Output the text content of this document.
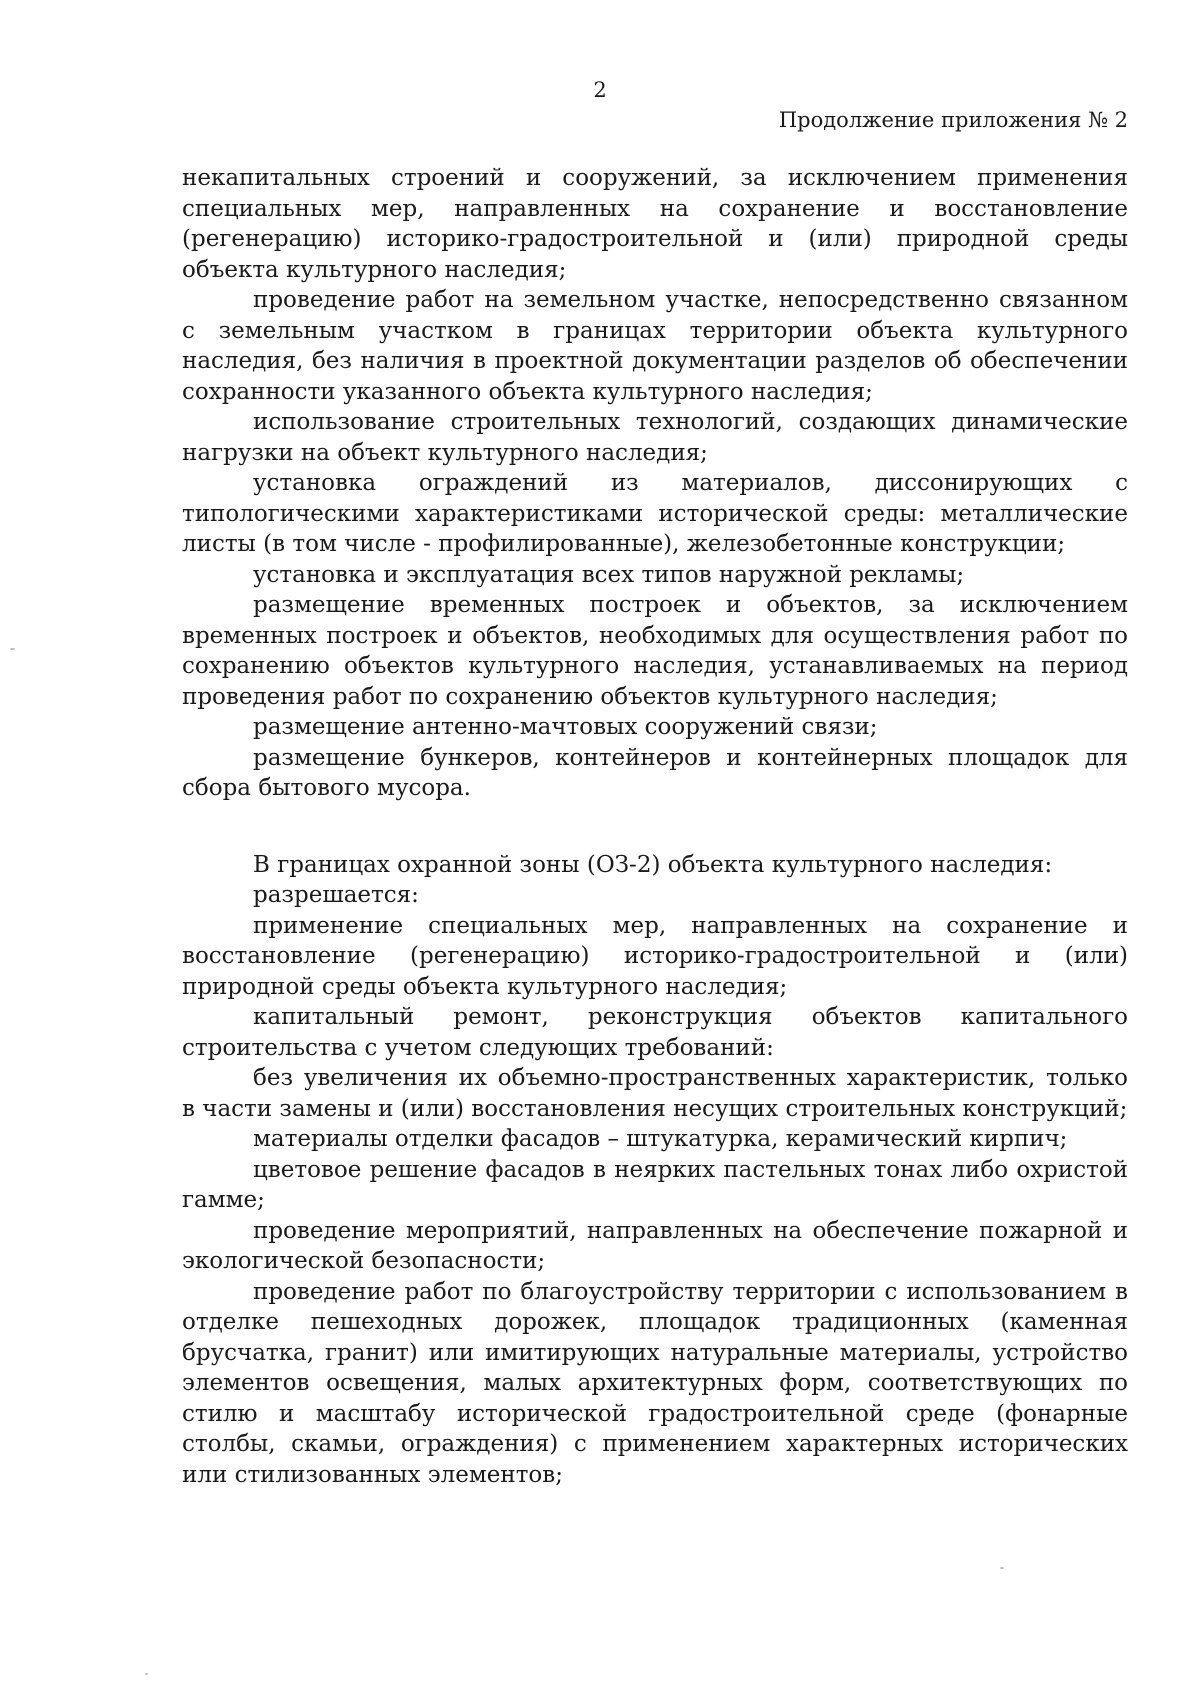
2

Продолжение приложения № 2

некапитальных строений и сооружений, за исключением применения специальных мер, направленных на сохранение и восстановление (регенерацию) историко-градостроительной и (или) природной среды объекта культурного наследия;

проведение работ на земельном участке, непосредственно связанном с земельным участком в границах территории объекта культурного наследия, без наличия в проектной документации разделов об обеспечении сохранности указанного объекта культурного наследия;

использование строительных технологий, создающих динамические нагрузки на объект культурного наследия;

установка ограждений из материалов, диссонирующих с типологическими характеристиками исторической среды: металлические листы (в том числе - профилированные), железобетонные конструкции;

установка и эксплуатация всех типов наружной рекламы;

размещение временных построек и объектов, за исключением временных построек и объектов, необходимых для осуществления работ по сохранению объектов культурного наследия, устанавливаемых на период проведения работ по сохранению объектов культурного наследия;

размещение антенно-мачтовых сооружений связи;

размещение бункеров, контейнеров и контейнерных площадок для сбора бытового мусора.

В границах охранной зоны (ОЗ-2) объекта культурного наследия:

разрешается:

применение специальных мер, направленных на сохранение и восстановление (регенерацию) историко-градостроительной и (или) природной среды объекта культурного наследия;

капитальный ремонт, реконструкция объектов капитального строительства с учетом следующих требований:

без увеличения их объемно-пространственных характеристик, только в части замены и (или) восстановления несущих строительных конструкций;

материалы отделки фасадов – штукатурка, керамический кирпич;

цветовое решение фасадов в неярких пастельных тонах либо охристой гамме;

проведение мероприятий, направленных на обеспечение пожарной и экологической безопасности;

проведение работ по благоустройству территории с использованием в отделке пешеходных дорожек, площадок традиционных (каменная брусчатка, гранит) или имитирующих натуральные материалы, устройство элементов освещения, малых архитектурных форм, соответствующих по стилю и масштабу исторической градостроительной среде (фонарные столбы, скамьи, ограждения) с применением характерных исторических или стилизованных элементов;
